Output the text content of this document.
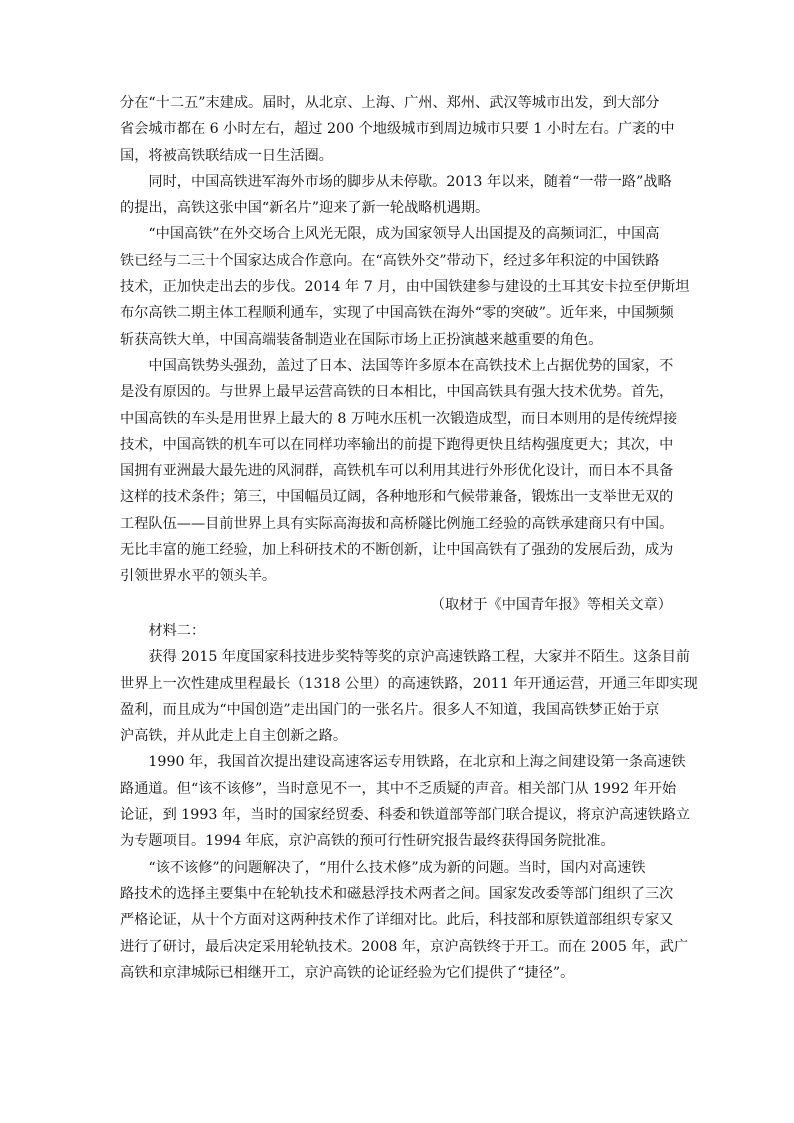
分在“十二五”末建成。届时，从北京、上海、广州、郑州、武汉等城市出发，到大部分
省会城市都在 6 小时左右，超过 200 个地级城市到周边城市只要 1 小时左右。广袤的中
国，将被高铁联结成一日生活圈。
同时，中国高铁进军海外市场的脚步从未停歇。2013 年以来，随着“一带一路”战略
的提出，高铁这张中国“新名片”迎来了新一轮战略机遇期。
“中国高铁”在外交场合上风光无限，成为国家领导人出国提及的高频词汇，中国高
铁已经与二三十个国家达成合作意向。在“高铁外交”带动下，经过多年积淀的中国铁路
技术，正加快走出去的步伐。2014 年 7 月，由中国铁建参与建设的土耳其安卡拉至伊斯坦
布尔高铁二期主体工程顺利通车，实现了中国高铁在海外“零的突破”。近年来，中国频频
斩获高铁大单，中国高端装备制造业在国际市场上正扮演越来越重要的角色。
中国高铁势头强劲，盖过了日本、法国等许多原本在高铁技术上占据优势的国家，不
是没有原因的。与世界上最早运营高铁的日本相比，中国高铁具有强大技术优势。首先，
中国高铁的车头是用世界上最大的 8 万吨水压机一次锻造成型，而日本则用的是传统焊接
技术，中国高铁的机车可以在同样功率输出的前提下跑得更快且结构强度更大；其次，中
国拥有亚洲最大最先进的风洞群，高铁机车可以利用其进行外形优化设计，而日本不具备
这样的技术条件；第三，中国幅员辽阔，各种地形和气候带兼备，锻炼出一支举世无双的
工程队伍——目前世界上具有实际高海拔和高桥隧比例施工经验的高铁承建商只有中国。
无比丰富的施工经验，加上科研技术的不断创新，让中国高铁有了强劲的发展后劲，成为
引领世界水平的领头羊。
（取材于《中国青年报》等相关文章）
材料二：
获得 2015 年度国家科技进步奖特等奖的京沪高速铁路工程，大家并不陌生。这条目前
世界上一次性建成里程最长（1318 公里）的高速铁路，2011 年开通运营，开通三年即实现
盈利，而且成为“中国创造”走出国门的一张名片。很多人不知道，我国高铁梦正始于京
沪高铁，并从此走上自主创新之路。
1990 年，我国首次提出建设高速客运专用铁路，在北京和上海之间建设第一条高速铁
路通道。但“该不该修”，当时意见不一，其中不乏质疑的声音。相关部门从 1992 年开始
论证，到 1993 年，当时的国家经贸委、科委和铁道部等部门联合提议，将京沪高速铁路立
为专题项目。1994 年底，京沪高铁的预可行性研究报告最终获得国务院批准。
“该不该修”的问题解决了，“用什么技术修”成为新的问题。当时，国内对高速铁
路技术的选择主要集中在轮轨技术和磁悬浮技术两者之间。国家发改委等部门组织了三次
严格论证，从十个方面对这两种技术作了详细对比。此后，科技部和原铁道部组织专家又
进行了研讨，最后决定采用轮轨技术。2008 年，京沪高铁终于开工。而在 2005 年，武广
高铁和京津城际已相继开工，京沪高铁的论证经验为它们提供了“捷径”。
